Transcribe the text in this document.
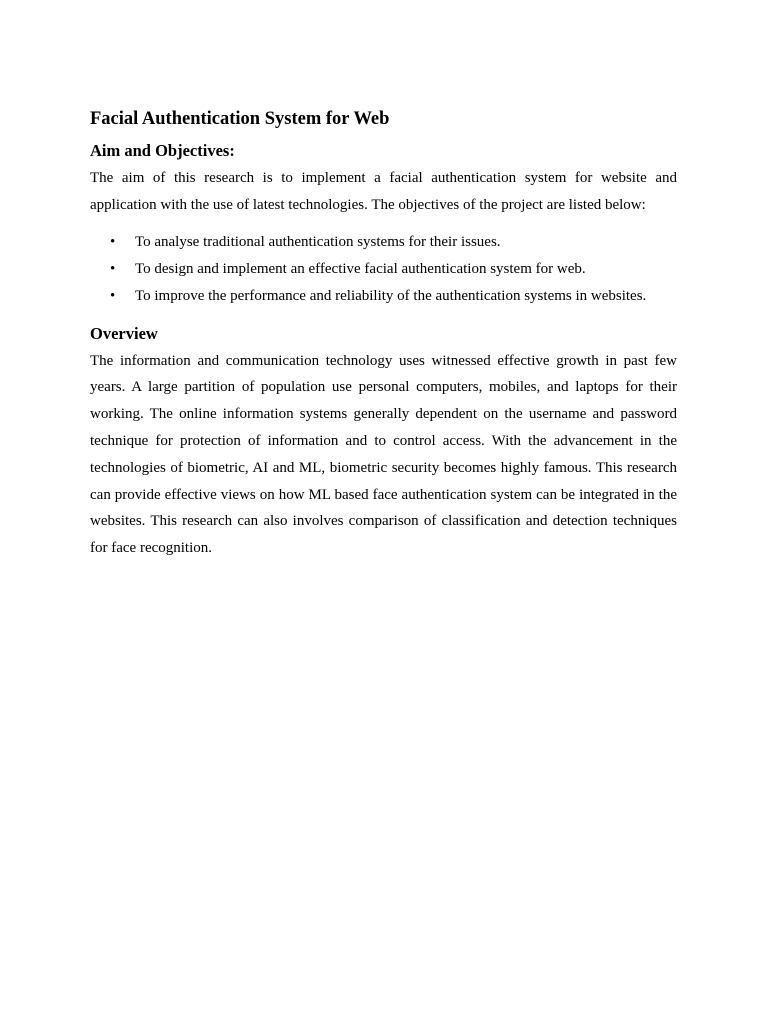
Facial Authentication System for Web
Aim and Objectives:

The aim of this research is to implement a facial authentication system for website and application with the use of latest technologies. The objectives of the project are listed below:

• To analyse traditional authentication systems for their issues.
• To design and implement an effective facial authentication system for web.
• To improve the performance and reliability of the authentication systems in websites.
Overview

The information and communication technology uses witnessed effective growth in past few years. A large partition of population use personal computers, mobiles, and laptops for their working. The online information systems generally dependent on the username and password technique for protection of information and to control access. With the advancement in the technologies of biometric, AI and ML, biometric security becomes highly famous. This research can provide effective views on how ML based face authentication system can be integrated in the websites. This research can also involves comparison of classification and detection techniques for face recognition.
